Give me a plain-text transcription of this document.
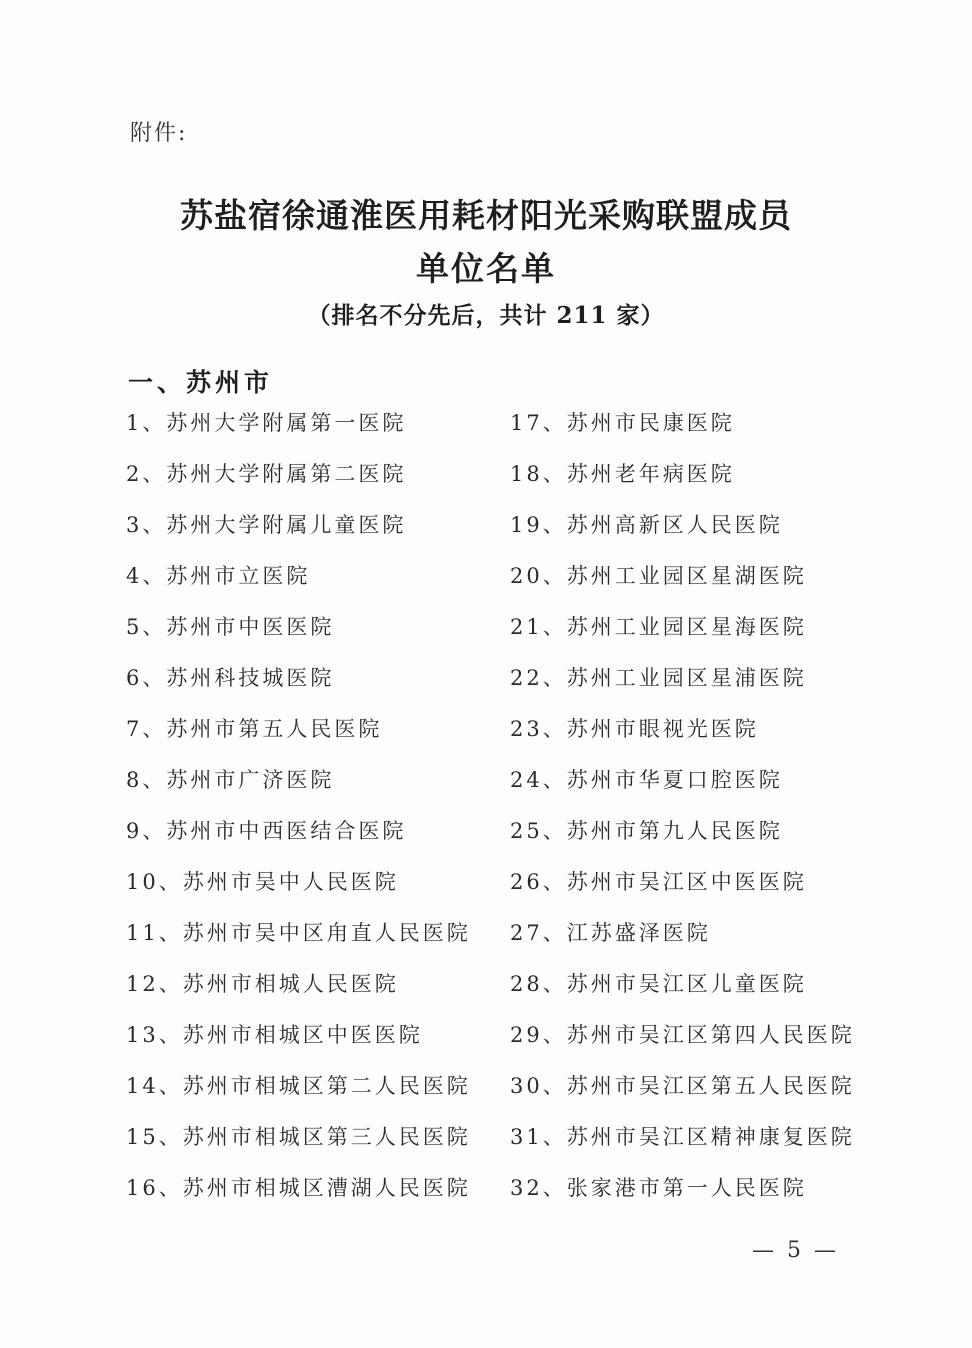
附件:
苏盐宿徐通淮医用耗材阳光采购联盟成员
单位名单
（排名不分先后，共计 211 家）
一、苏州市
1、苏州大学附属第一医院
2、苏州大学附属第二医院
3、苏州大学附属儿童医院
4、苏州市立医院
5、苏州市中医医院
6、苏州科技城医院
7、苏州市第五人民医院
8、苏州市广济医院
9、苏州市中西医结合医院
10、苏州市吴中人民医院
11、苏州市吴中区甪直人民医院
12、苏州市相城人民医院
13、苏州市相城区中医医院
14、苏州市相城区第二人民医院
15、苏州市相城区第三人民医院
16、苏州市相城区漕湖人民医院
17、苏州市民康医院
18、苏州老年病医院
19、苏州高新区人民医院
20、苏州工业园区星湖医院
21、苏州工业园区星海医院
22、苏州工业园区星浦医院
23、苏州市眼视光医院
24、苏州市华夏口腔医院
25、苏州市第九人民医院
26、苏州市吴江区中医医院
27、江苏盛泽医院
28、苏州市吴江区儿童医院
29、苏州市吴江区第四人民医院
30、苏州市吴江区第五人民医院
31、苏州市吴江区精神康复医院
32、张家港市第一人民医院
— 5 —
